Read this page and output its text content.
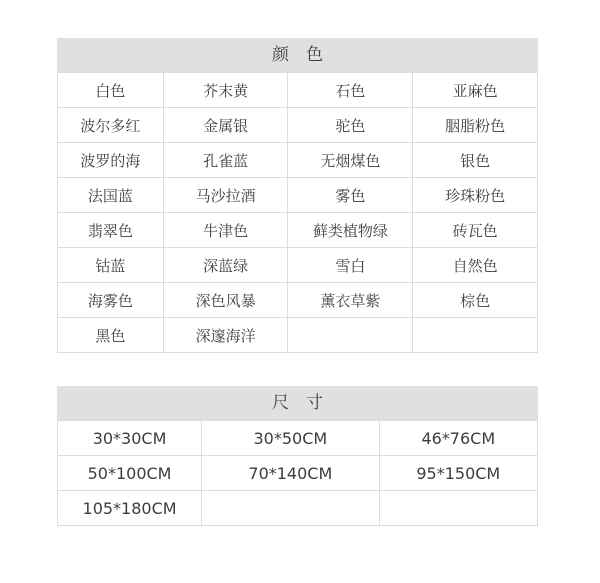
颜　色
白色	芥末黄	石色	亚麻色
波尔多红	金属银	驼色	胭脂粉色
波罗的海	孔雀蓝	无烟煤色	银色
法国蓝	马沙拉酒	雾色	珍珠粉色
翡翠色	牛津色	藓类植物绿	砖瓦色
钴蓝	深蓝绿	雪白	自然色
海雾色	深色风暴	薰衣草紫	棕色
黑色	深邃海洋		
尺　寸
30*30CM	30*50CM	46*76CM
50*100CM	70*140CM	95*150CM
105*180CM		
